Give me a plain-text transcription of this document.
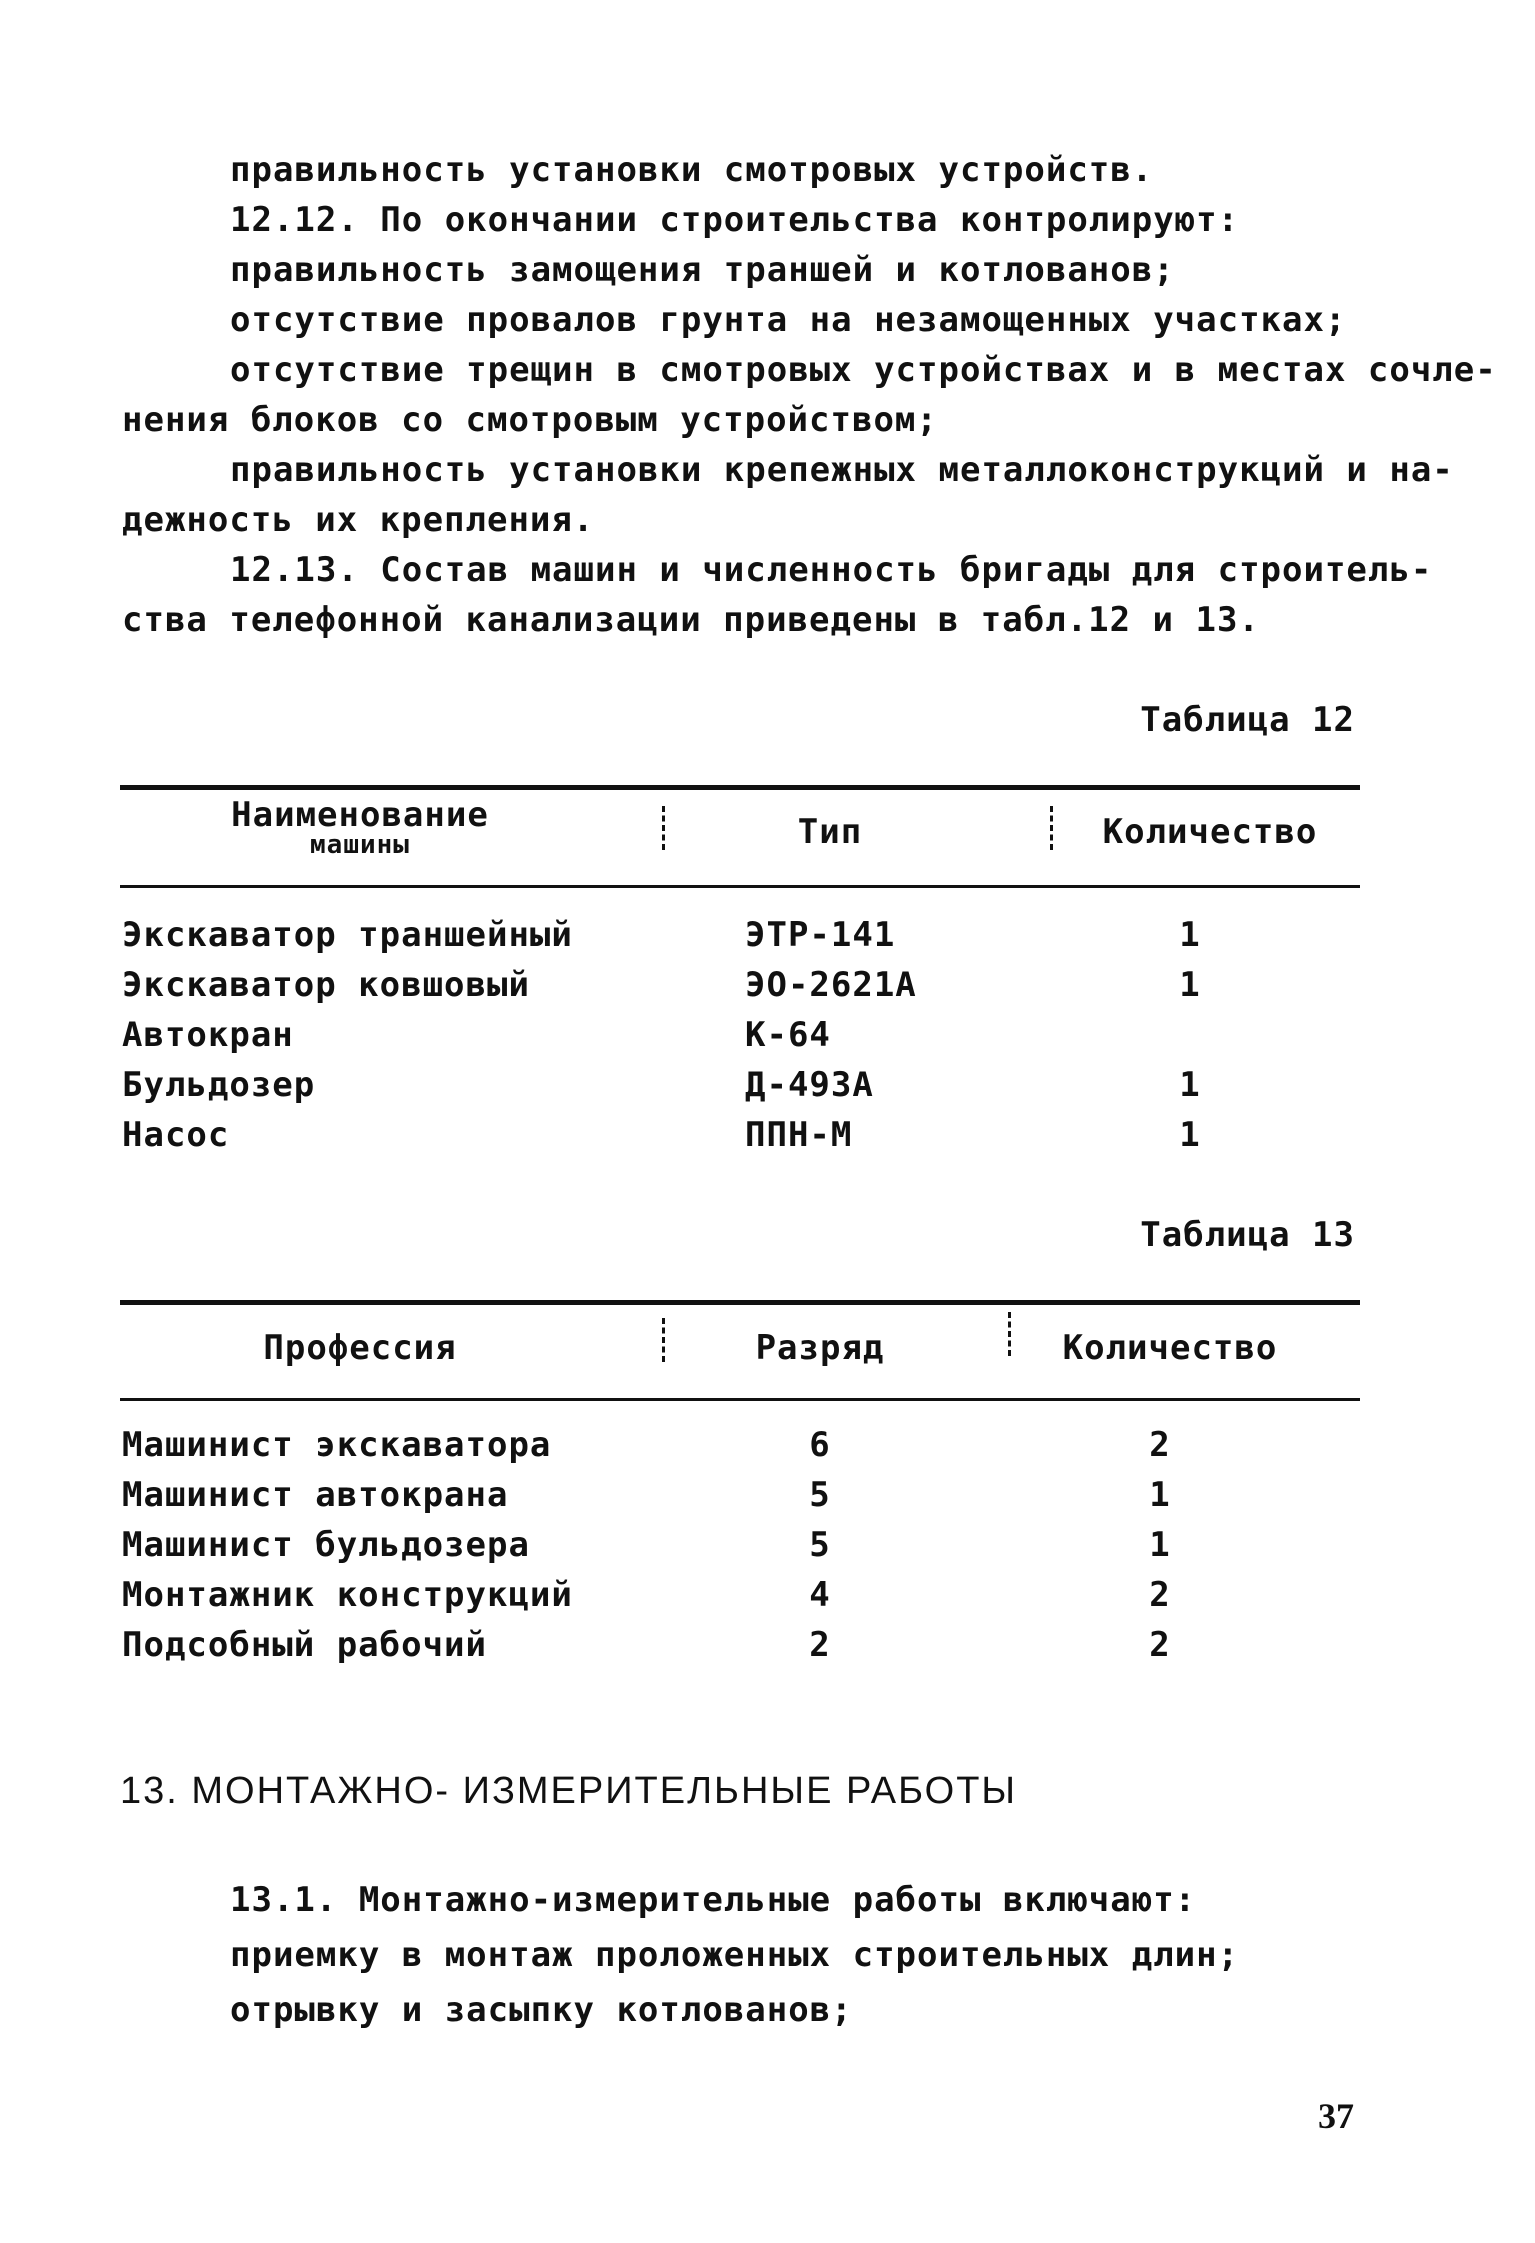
правильность установки смотровых устройств.
12.12. По окончании строительства контролируют:
правильность замощения траншей и котлованов;
отсутствие провалов грунта на незамощенных участках;
отсутствие трещин в смотровых устройствах и в местах сочле-
нения блоков со смотровым устройством;
правильность установки крепежных металлоконструкций и на-
дежность их крепления.
12.13. Состав машин и численность бригады для строитель-
ства телефонной канализации приведены в табл.12 и 13.
Таблица 12
Наименование
машины	Тип	Количество
Экскаватор траншейный	ЭТР-141	1
Экскаватор ковшовый	ЭО-2621А	1
Автокран	К-64
Бульдозер	Д-493А	1
Насос	ППН-М	1
Таблица 13
Профессия	Разряд	Количество
Машинист экскаватора	6	2
Машинист автокрана	5	1
Машинист бульдозера	5	1
Монтажник конструкций	4	2
Подсобный рабочий	2	2
13. МОНТАЖНО- ИЗМЕРИТЕЛЬНЫЕ РАБОТЫ
13.1. Монтажно-измерительные работы включают:
приемку в монтаж проложенных строительных длин;
отрывку и засыпку котлованов;
37
